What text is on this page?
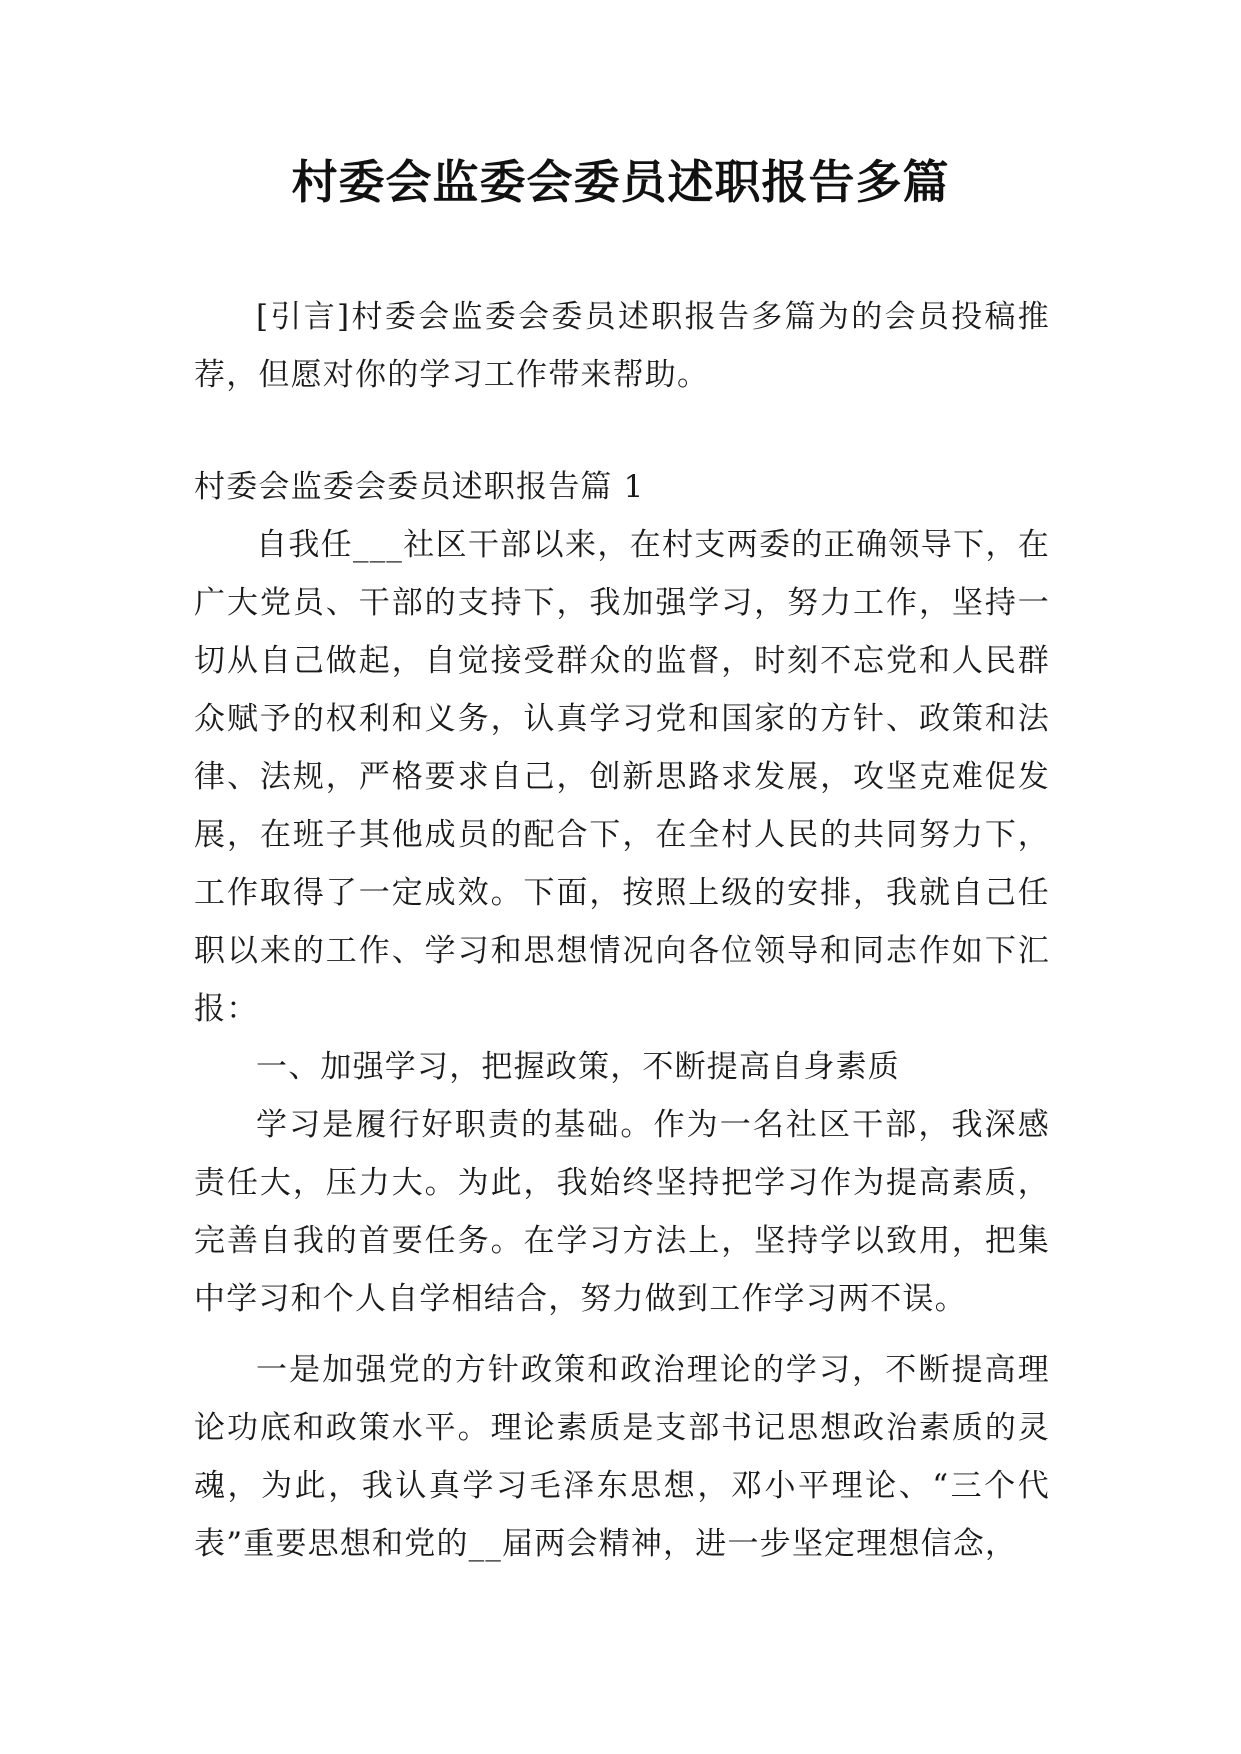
村委会监委会委员述职报告多篇

[引言]村委会监委会委员述职报告多篇为的会员投稿推荐，但愿对你的学习工作带来帮助。

村委会监委会委员述职报告篇 1

自我任___社区干部以来，在村支两委的正确领导下，在广大党员、干部的支持下，我加强学习，努力工作，坚持一切从自己做起，自觉接受群众的监督，时刻不忘党和人民群众赋予的权利和义务，认真学习党和国家的方针、政策和法律、法规，严格要求自己，创新思路求发展，攻坚克难促发展，在班子其他成员的配合下，在全村人民的共同努力下，工作取得了一定成效。下面，按照上级的安排，我就自己任职以来的工作、学习和思想情况向各位领导和同志作如下汇报：

一、加强学习，把握政策，不断提高自身素质

学习是履行好职责的基础。作为一名社区干部，我深感责任大，压力大。为此，我始终坚持把学习作为提高素质，完善自我的首要任务。在学习方法上，坚持学以致用，把集中学习和个人自学相结合，努力做到工作学习两不误。

一是加强党的方针政策和政治理论的学习，不断提高理论功底和政策水平。理论素质是支部书记思想政治素质的灵魂，为此，我认真学习毛泽东思想，邓小平理论、“三个代表”重要思想和党的__届两会精神，进一步坚定理想信念，
